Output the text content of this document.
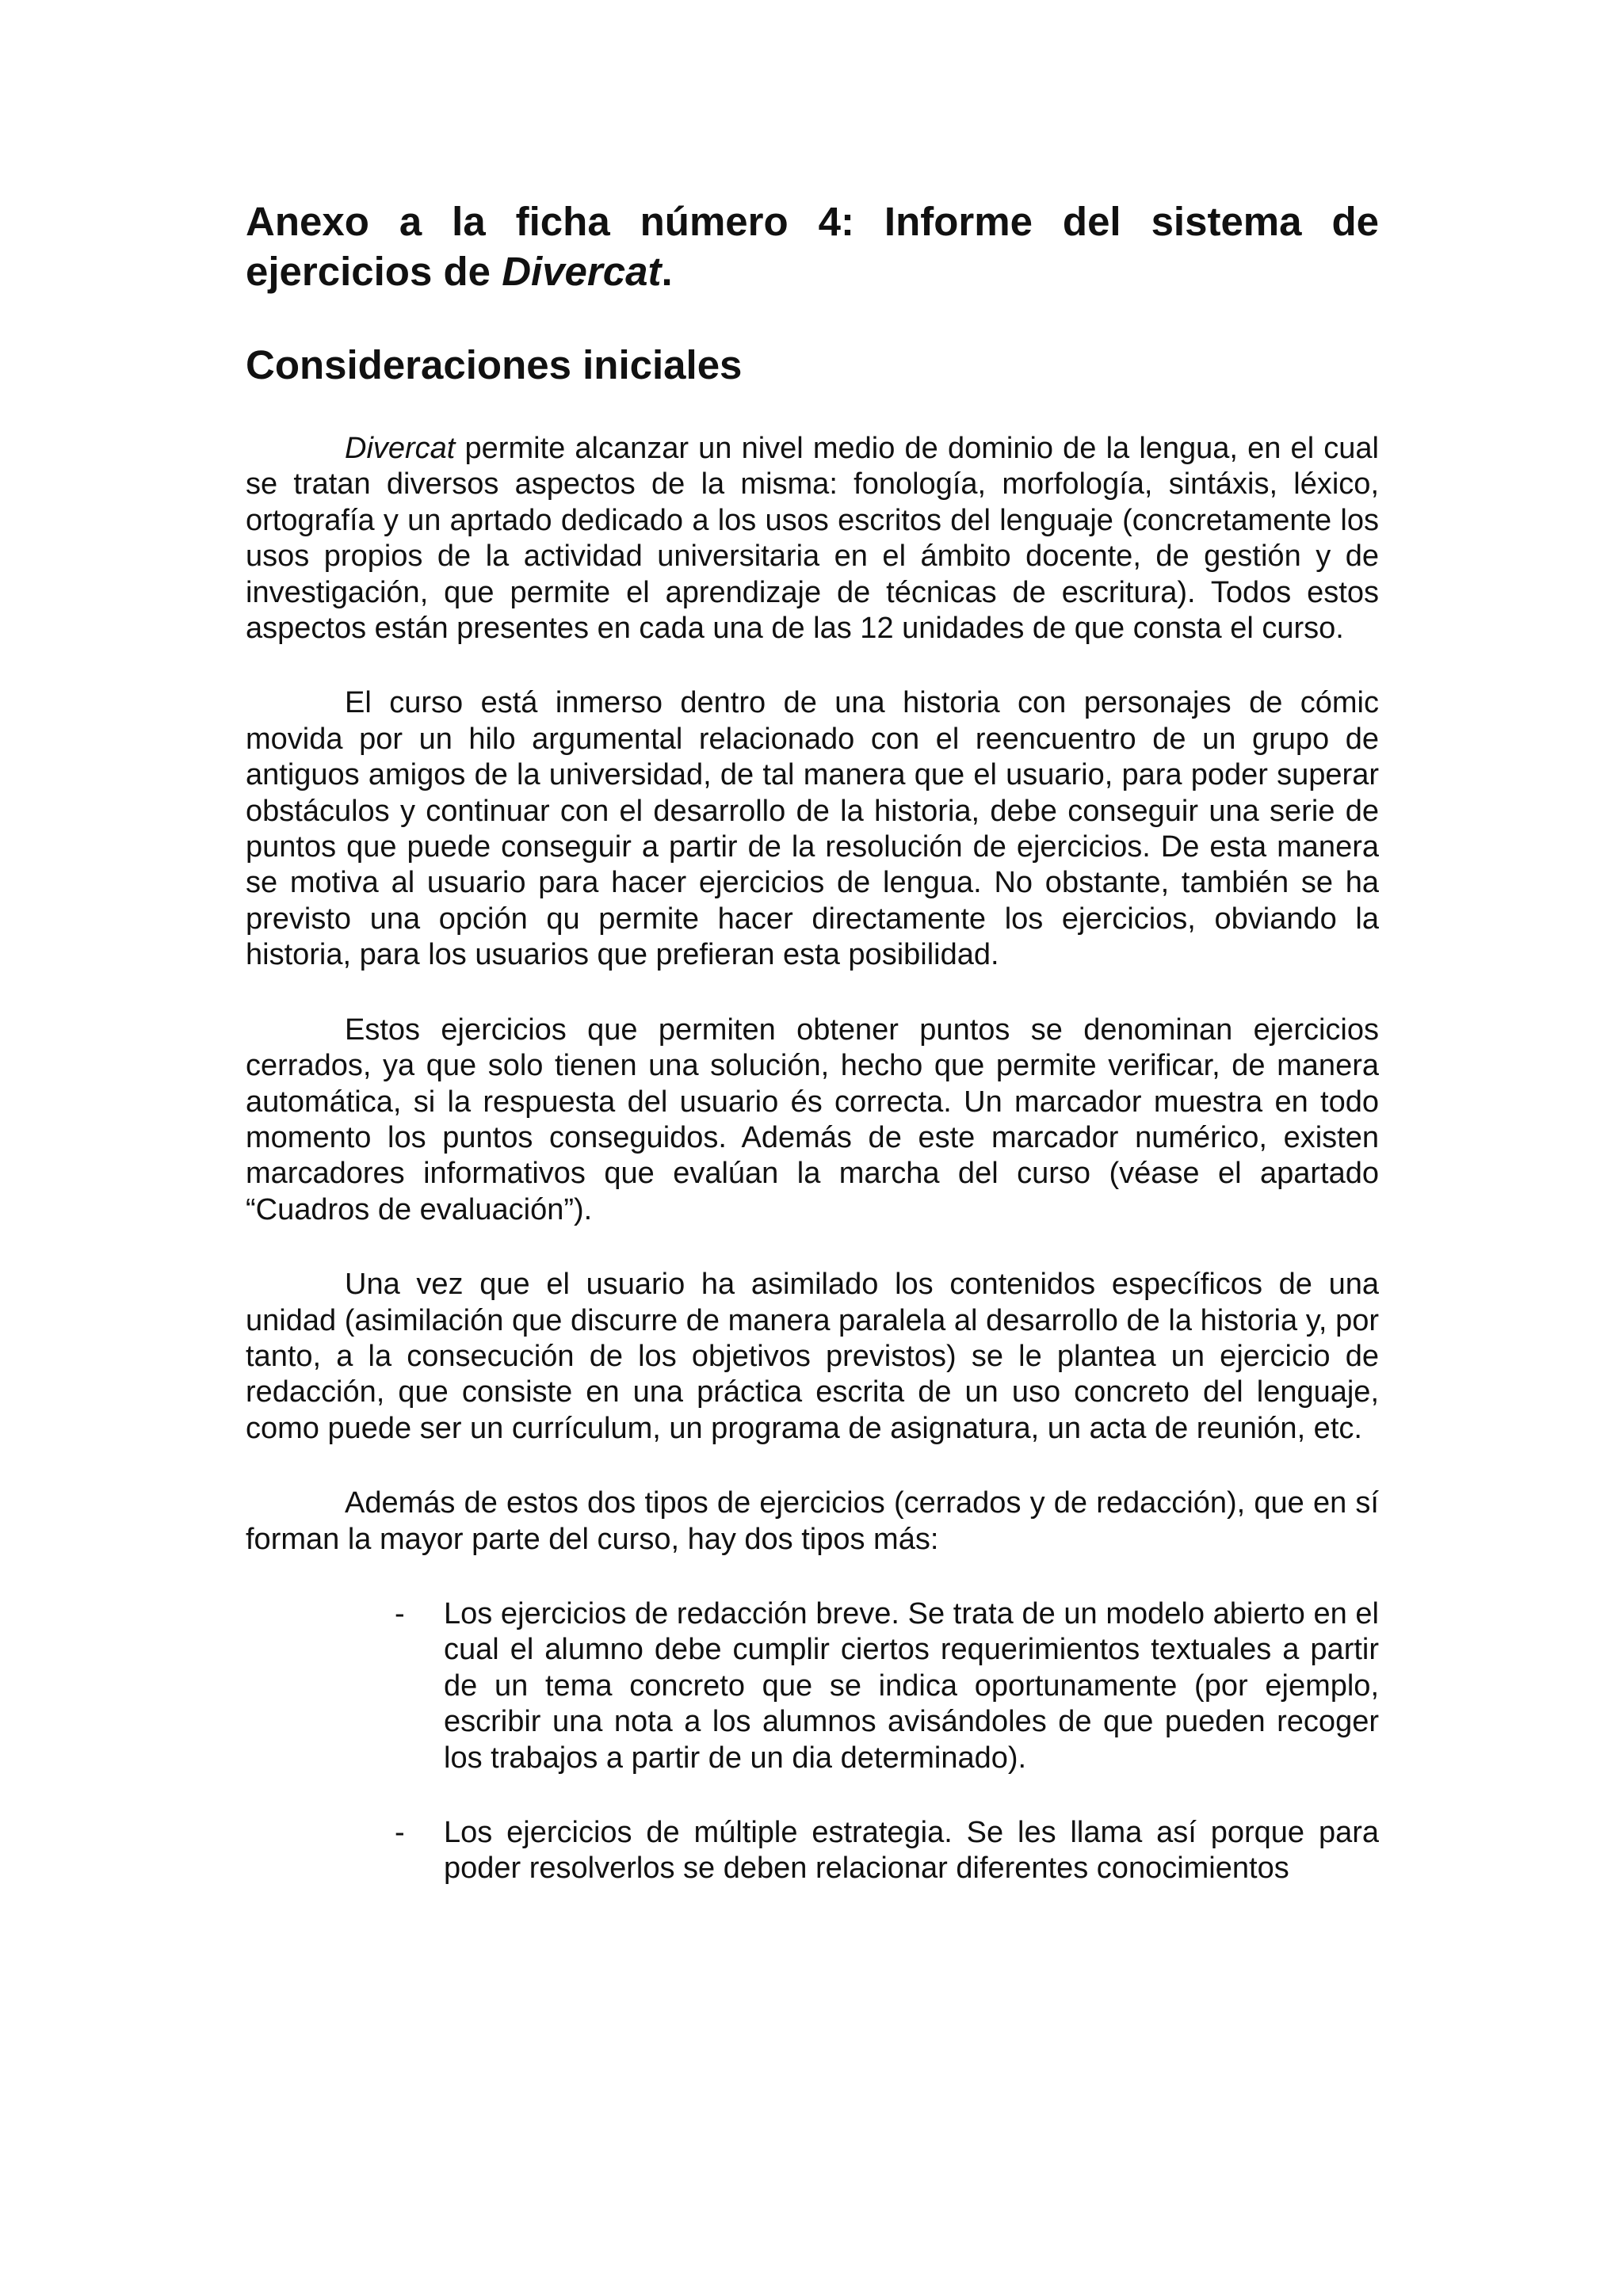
Anexo a la ficha número 4: Informe del sistema de ejercicios de Divercat.
Consideraciones iniciales

Divercat permite alcanzar un nivel medio de dominio de la lengua, en el cual se tratan diversos aspectos de la misma: fonología, morfología, sintáxis, léxico, ortografía y un aprtado dedicado a los usos escritos del lenguaje (concretamente los usos propios de la actividad universitaria en el ámbito docente, de gestión y de investigación, que permite el aprendizaje de técnicas de escritura). Todos estos aspectos están presentes en cada una de las 12 unidades de que consta el curso.

El curso está inmerso dentro de una historia con personajes de cómic movida por un hilo argumental relacionado con el reencuentro de un grupo de antiguos amigos de la universidad, de tal manera que el usuario, para poder superar obstáculos y continuar con el desarrollo de la historia, debe conseguir una serie de puntos que puede conseguir a partir de la resolución de ejercicios. De esta manera se motiva al usuario para hacer ejercicios de lengua. No obstante, también se ha previsto una opción qu permite hacer directamente los ejercicios, obviando la historia, para los usuarios que prefieran esta posibilidad.

Estos ejercicios que permiten obtener puntos se denominan ejercicios cerrados, ya que solo tienen una solución, hecho que permite verificar, de manera automática, si la respuesta del usuario és correcta. Un marcador muestra en todo momento los puntos conseguidos. Además de este marcador numérico, existen marcadores informativos que evalúan la marcha del curso (véase el apartado “Cuadros de evaluación”).

Una vez que el usuario ha asimilado los contenidos específicos de una unidad (asimilación que discurre de manera paralela al desarrollo de la historia y, por tanto, a la consecución de los objetivos previstos) se le plantea un ejercicio de redacción, que consiste en una práctica escrita de un uso concreto del lenguaje, como puede ser un currículum, un programa de asignatura, un acta de reunión, etc.

Además de estos dos tipos de ejercicios (cerrados y de redacción), que en sí forman la mayor parte del curso, hay dos tipos más:

- Los ejercicios de redacción breve. Se trata de un modelo abierto en el cual el alumno debe cumplir ciertos requerimientos textuales a partir de un tema concreto que se indica oportunamente (por ejemplo, escribir una nota a los alumnos avisándoles de que pueden recoger los trabajos a partir de un dia determinado).
- Los ejercicios de múltiple estrategia. Se les llama así porque para poder resolverlos se deben relacionar diferentes conocimientos
